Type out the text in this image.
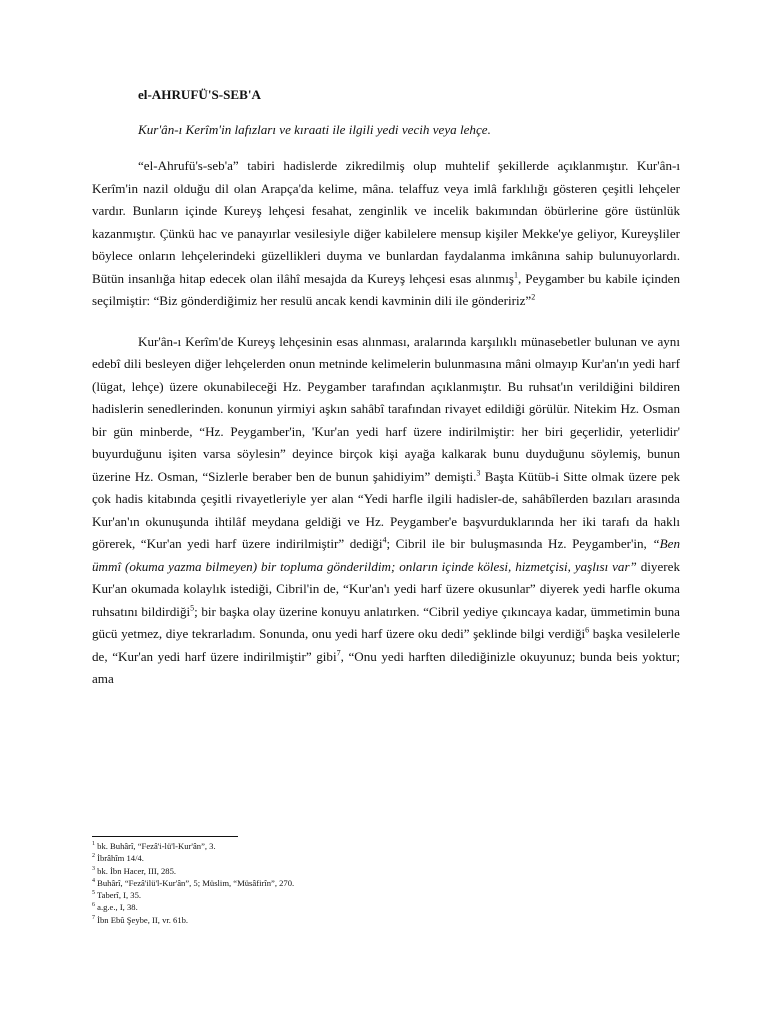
el-AHRUFÜ'S-SEB'A
Kur'ân-ı Kerîm'in lafızları ve kıraati ile ilgili yedi vecih veya lehçe.

“el-Ahrufü's-seb'a” tabiri hadislerde zikredilmiş olup muhtelif şekillerde açıklanmıştır. Kur'ân-ı Kerîm'in nazil olduğu dil olan Arapça'da kelime, mâna. telaffuz veya imlâ farklılığı gösteren çeşitli lehçeler vardır. Bunların içinde Kureyş lehçesi fesahat, zenginlik ve incelik bakımından öbürlerine göre üstünlük kazanmıştır. Çünkü hac ve panayırlar vesilesiyle diğer kabilelere mensup kişiler Mekke'ye geliyor, Kureyşliler böylece onların lehçelerindeki güzellikleri duyma ve bunlardan faydalanma imkânına sahip bulunuyorlardı. Bütün insanlığa hitap edecek olan ilâhî mesajda da Kureyş lehçesi esas alınmış$^1$, Peygamber bu kabile içinden seçilmiştir: “Biz gönderdiğimiz her resulü ancak kendi kavminin dili ile göndeririz”$^2$

Kur'ân-ı Kerîm'de Kureyş lehçesinin esas alınması, aralarında karşılıklı münasebetler bulunan ve aynı edebî dili besleyen diğer lehçelerden onun metninde kelimelerin bulunmasına mâni olmayıp Kur'an'ın yedi harf (lügat, lehçe) üzere okunabileceği Hz. Peygamber tarafından açıklanmıştır. Bu ruhsat'ın verildiğini bildiren hadislerin senedlerinden. konunun yirmiyi aşkın sahâbî tarafından rivayet edildiği görülür. Nitekim Hz. Osman bir gün minberde, “Hz. Peygamber'in, 'Kur'an yedi harf üzere indirilmiştir: her biri geçerlidir, yeterlidir' buyurduğunu işiten varsa söylesin” deyince birçok kişi ayağa kalkarak bunu duyduğunu söylemiş, bunun üzerine Hz. Osman, “Sizlerle beraber ben de bunun şahidiyim” demişti.$^3$ Başta Kütüb-i Sitte olmak üzere pek çok hadis kitabında çeşitli rivayetleriyle yer alan “Yedi harfle ilgili hadisler-de, sahâbîlerden bazıları arasında Kur'an'ın okunuşunda ihtilâf meydana geldiği ve Hz. Peygamber'e başvurduklarında her iki tarafı da haklı görerek, “Kur'an yedi harf üzere indirilmiştir” dediği$^4$; Cibril ile bir buluşmasında Hz. Peygamber'in, “Ben ümmî (okuma yazma bilmeyen) bir topluma gönderildim; onların içinde kölesi, hizmetçisi, yaşlısı var” diyerek Kur'an okumada kolaylık istediği, Cibril'in de, “Kur'an'ı yedi harf üzere okusunlar” diyerek yedi harfle okuma ruhsatını bildirdiği$^5$; bir başka olay üzerine konuyu anlatırken. “Cibril yediye çıkıncaya kadar, ümmetimin buna gücü yetmez, diye tekrarladım. Sonunda, onu yedi harf üzere oku dedi” şeklinde bilgi verdiği$^6$ başka vesilelerle de, “Kur'an yedi harf üzere indirilmiştir” gibi$^7$, “Onu yedi harften dilediğinizle okuyunuz; bunda beis yoktur; ama

$^1$ bk. Buhârî, “Fezâ'i-lü'l-Kur'ân”, 3.
$^2$ İbrâhîm 14/4.
$^3$ bk. İbn Hacer, III, 285.
$^4$ Buhârî, “Fezâ'ilü'l-Kur'ân”, 5; Müslim, “Müsâfirîn”, 270.
$^5$ Taberî, I, 35.
$^6$ a.g.e., I, 38.
$^7$ İbn Ebû Şeybe, II, vr. 61b.
